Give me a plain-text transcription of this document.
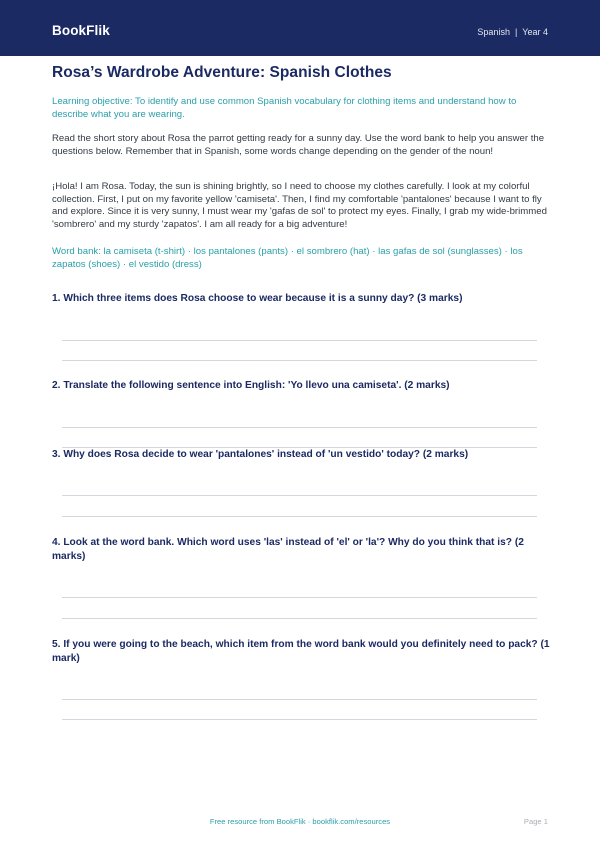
BookFlik	Spanish | Year 4
Rosa’s Wardrobe Adventure: Spanish Clothes
Learning objective: To identify and use common Spanish vocabulary for clothing items and understand how to describe what you are wearing.
Read the short story about Rosa the parrot getting ready for a sunny day. Use the word bank to help you answer the questions below. Remember that in Spanish, some words change depending on the gender of the noun!
¡Hola! I am Rosa. Today, the sun is shining brightly, so I need to choose my clothes carefully. I look at my colorful collection. First, I put on my favorite yellow 'camiseta'. Then, I find my comfortable 'pantalones' because I want to fly and explore. Since it is very sunny, I must wear my 'gafas de sol' to protect my eyes. Finally, I grab my wide-brimmed 'sombrero' and my sturdy 'zapatos'. I am all ready for a big adventure!
Word bank: la camiseta (t-shirt) · los pantalones (pants) · el sombrero (hat) · las gafas de sol (sunglasses) · los zapatos (shoes) · el vestido (dress)
1. Which three items does Rosa choose to wear because it is a sunny day? (3 marks)
2. Translate the following sentence into English: 'Yo llevo una camiseta'. (2 marks)
3. Why does Rosa decide to wear 'pantalones' instead of 'un vestido' today? (2 marks)
4. Look at the word bank. Which word uses 'las' instead of 'el' or 'la'? Why do you think that is? (2 marks)
5. If you were going to the beach, which item from the word bank would you definitely need to pack? (1 mark)
Free resource from BookFlik · bookflik.com/resources	Page 1
